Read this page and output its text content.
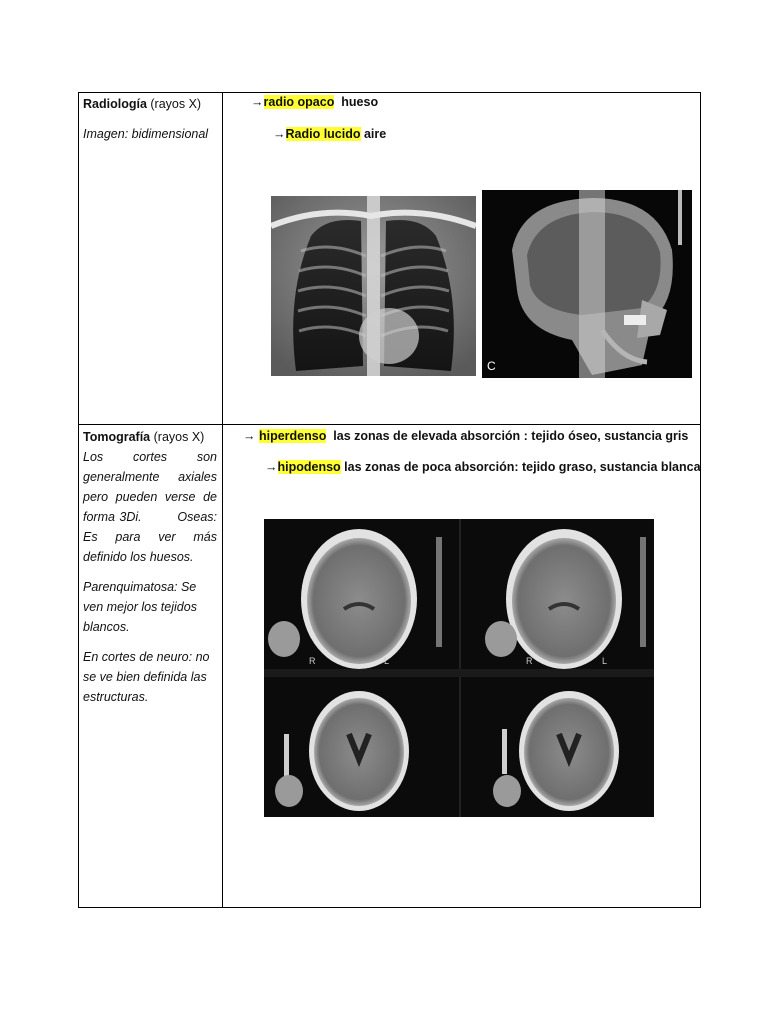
Radiología (rayos X)
Imagen: bidimensional
→radio opaco  hueso
→Radio lucido aire
C
Tomografía (rayos X)
Los cortes son generalmente axiales pero pueden verse de forma 3Di.        Oseas: Es para ver más definido los huesos.
Parenquimatosa: Se ven mejor los tejidos blancos.
En cortes de neuro: no se ve bien definida las estructuras.
→ hiperdenso  las zonas de elevada absorción : tejido óseo, sustancia gris
→hipodenso las zonas de poca absorción: tejido graso, sustancia blanca
R	L	R	L
